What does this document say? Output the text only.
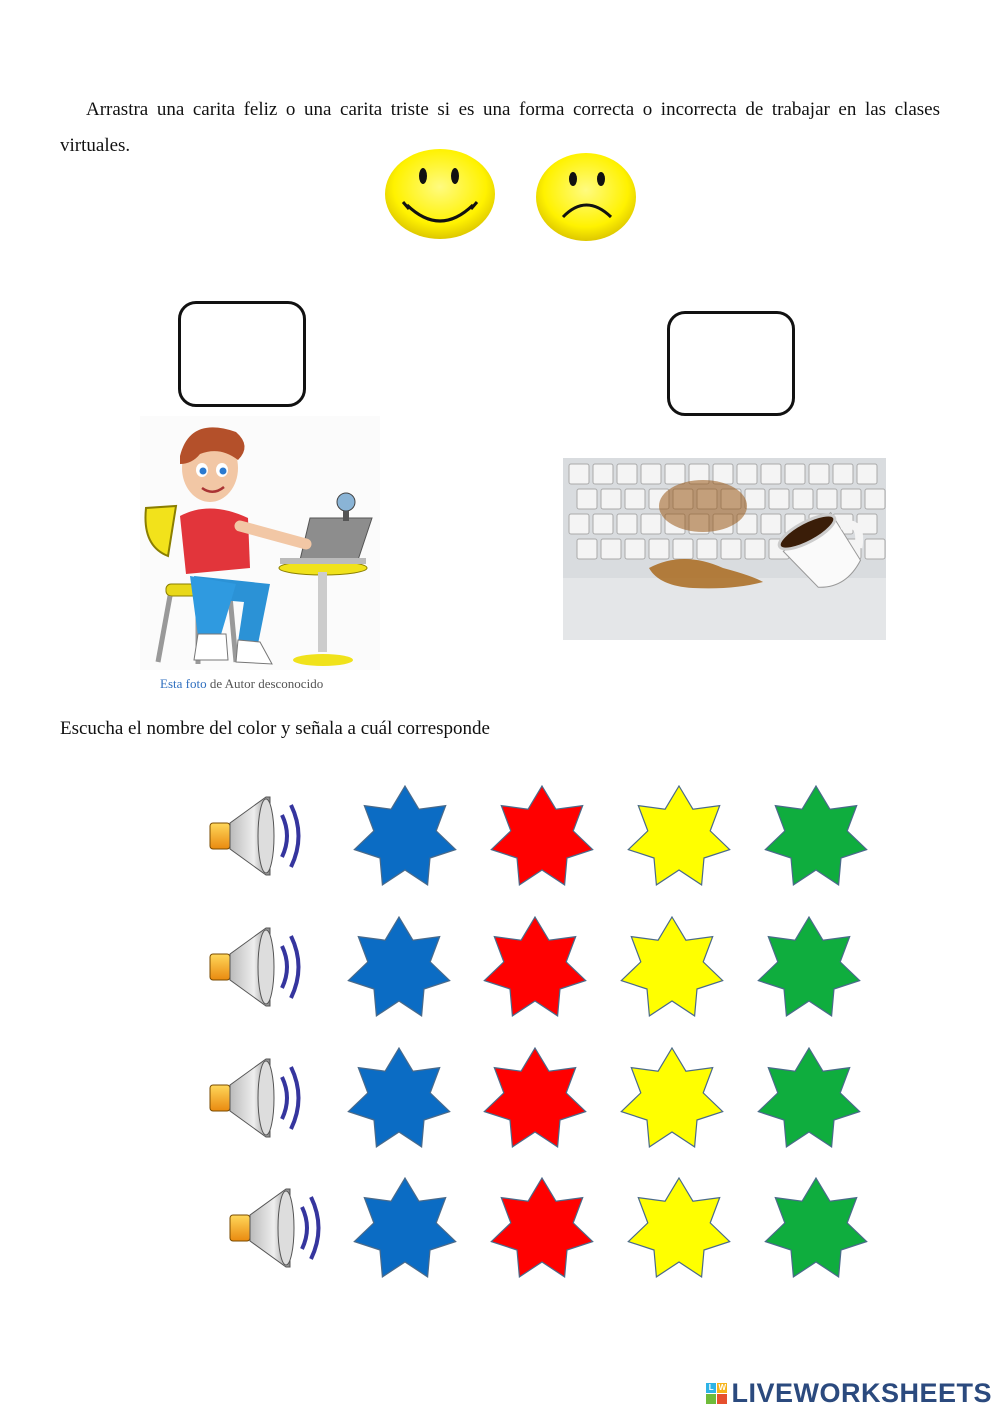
Arrastra una carita feliz o una carita triste si es una forma correcta o incorrecta de trabajar en las clases virtuales.

Esta foto de Autor desconocido

Escucha el nombre del color y señala a cuál corresponde

L W LIVEWORKSHEETS
